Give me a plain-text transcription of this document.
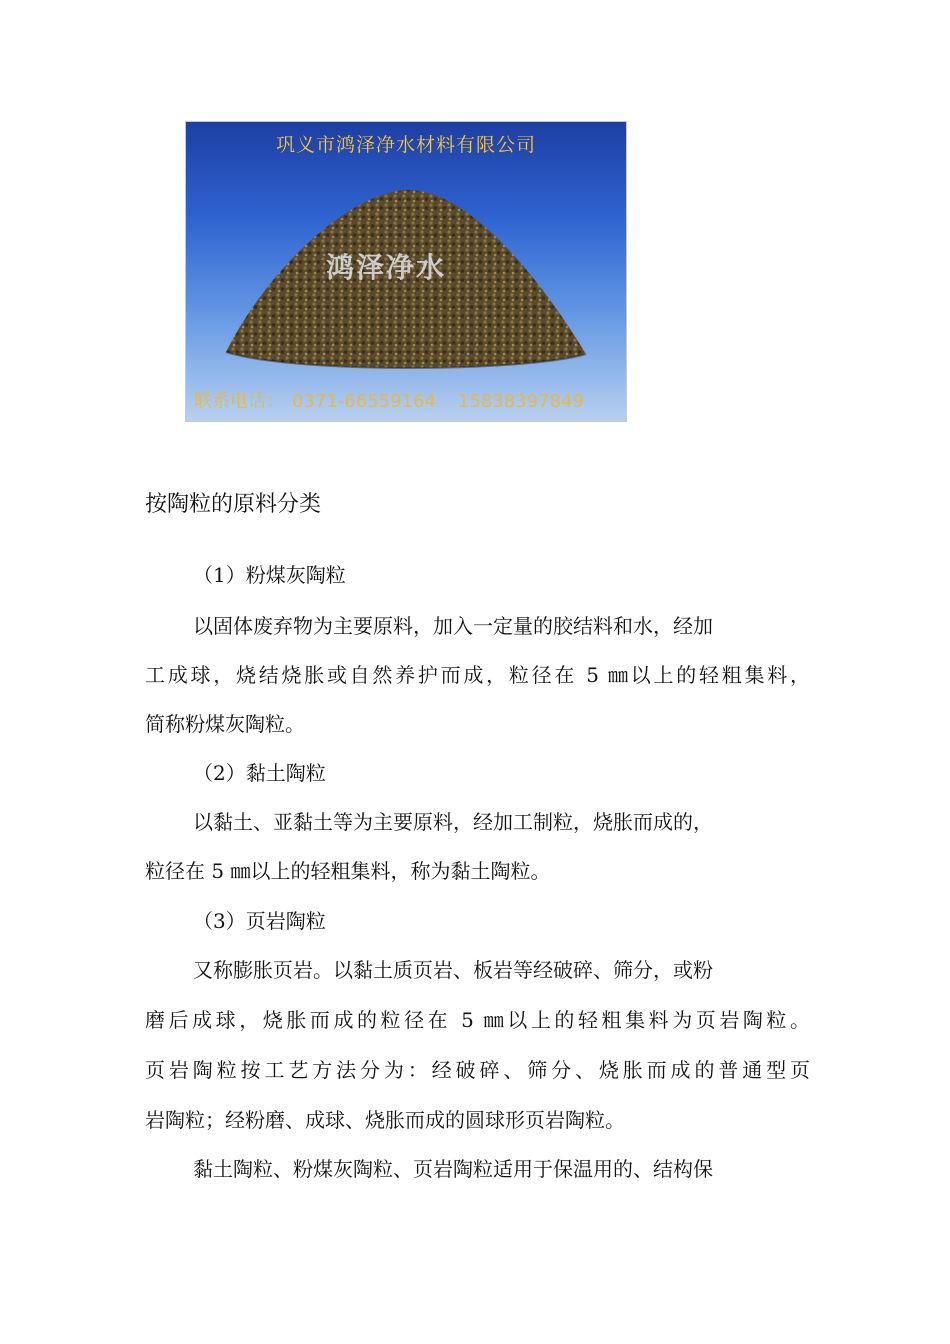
巩义市鸿泽净水材料有限公司
鸿泽净水
联系电话： 0371-66559164 15838397849
按陶粒的原料分类

（1）粉煤灰陶粒

以固体废弃物为主要原料，加入一定量的胶结料和水，经加

工成球，烧结烧胀或自然养护而成，粒径在 5 ㎜以上的轻粗集料，

简称粉煤灰陶粒。

（2）黏土陶粒

以黏土、亚黏土等为主要原料，经加工制粒，烧胀而成的，

粒径在 5 ㎜以上的轻粗集料，称为黏土陶粒。

（3）页岩陶粒

又称膨胀页岩。以黏土质页岩、板岩等经破碎、筛分，或粉

磨后成球，烧胀而成的粒径在 5 ㎜以上的轻粗集料为页岩陶粒。

页岩陶粒按工艺方法分为：经破碎、筛分、烧胀而成的普通型页

岩陶粒；经粉磨、成球、烧胀而成的圆球形页岩陶粒。

黏土陶粒、粉煤灰陶粒、页岩陶粒适用于保温用的、结构保
